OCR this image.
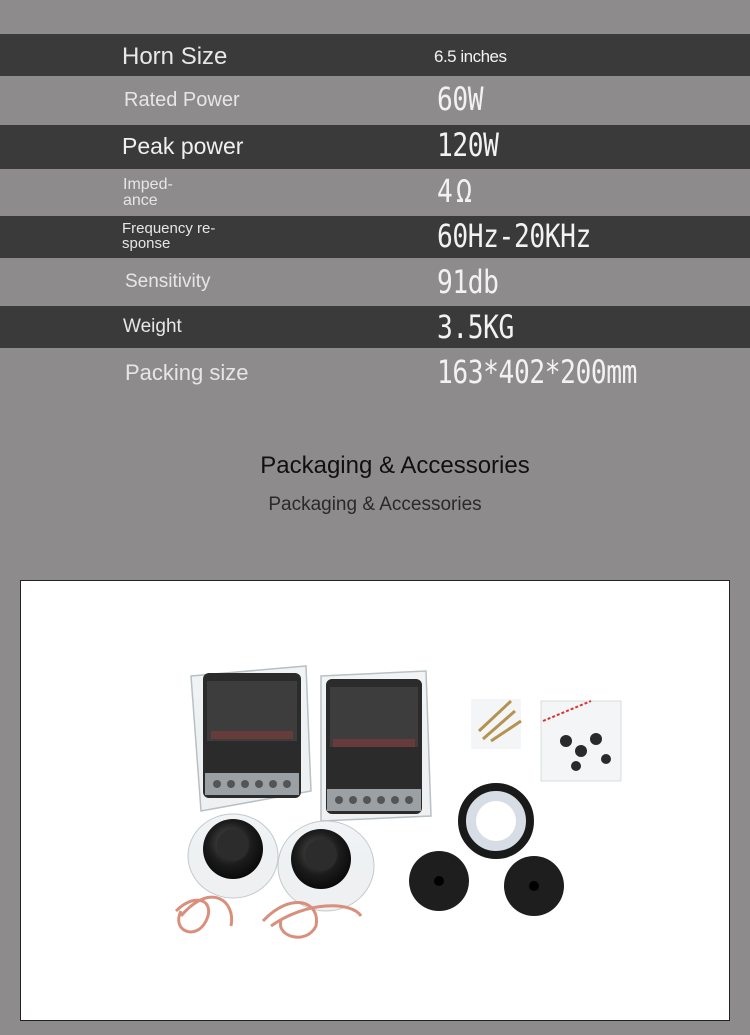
Horn Size	6.5 inches
Rated Power	60W
Peak power	120W
Imped-
ance	4Ω
Frequency re-
sponse	60Hz-20KHz
Sensitivity	91db
Weight	3.5KG
Packing size	163*402*200mm
Packaging & Accessories
Packaging & Accessories
